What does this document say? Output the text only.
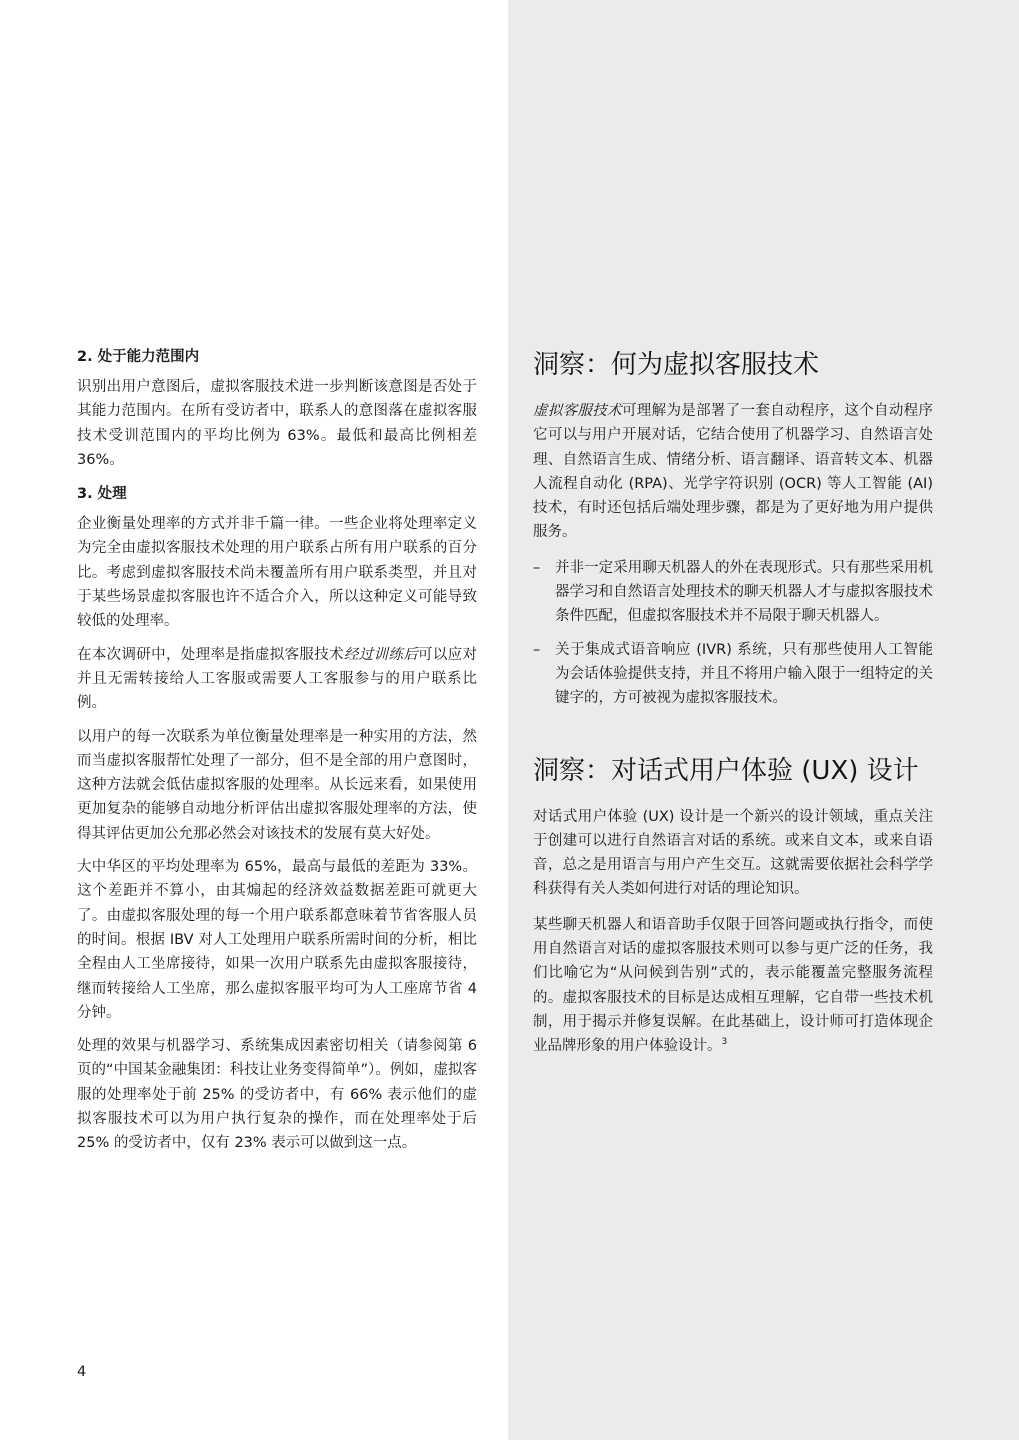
2. 处于能力范围内

识别出用户意图后，虚拟客服技术进一步判断该意图是否处于其能力范围内。在所有受访者中，联系人的意图落在虚拟客服技术受训范围内的平均比例为 63%。最低和最高比例相差 36%。

3. 处理

企业衡量处理率的方式并非千篇一律。一些企业将处理率定义为完全由虚拟客服技术处理的用户联系占所有用户联系的百分比。考虑到虚拟客服技术尚未覆盖所有用户联系类型，并且对于某些场景虚拟客服也许不适合介入，所以这种定义可能导致较低的处理率。

在本次调研中，处理率是指虚拟客服技术经过训练后可以应对并且无需转接给人工客服或需要人工客服参与的用户联系比例。

以用户的每一次联系为单位衡量处理率是一种实用的方法，然而当虚拟客服帮忙处理了一部分，但不是全部的用户意图时，这种方法就会低估虚拟客服的处理率。从长远来看，如果使用更加复杂的能够自动地分析评估出虚拟客服处理率的方法，使得其评估更加公允那必然会对该技术的发展有莫大好处。

大中华区的平均处理率为 65%，最高与最低的差距为 33%。这个差距并不算小，由其煽起的经济效益数据差距可就更大了。由虚拟客服处理的每一个用户联系都意味着节省客服人员的时间。根据 IBV 对人工处理用户联系所需时间的分析，相比全程由人工坐席接待，如果一次用户联系先由虚拟客服接待，继而转接给人工坐席，那么虚拟客服平均可为人工座席节省 4 分钟。

处理的效果与机器学习、系统集成因素密切相关（请参阅第 6 页的“中国某金融集团：科技让业务变得简单”）。例如，虚拟客服的处理率处于前 25% 的受访者中，有 66% 表示他们的虚拟客服技术可以为用户执行复杂的操作，而在处理率处于后 25% 的受访者中，仅有 23% 表示可以做到这一点。

洞察：何为虚拟客服技术

虚拟客服技术可理解为是部署了一套自动程序，这个自动程序它可以与用户开展对话，它结合使用了机器学习、自然语言处理、自然语言生成、情绪分析、语言翻译、语音转文本、机器人流程自动化 (RPA)、光学字符识别 (OCR) 等人工智能 (AI) 技术，有时还包括后端处理步骤，都是为了更好地为用户提供服务。

–	并非一定采用聊天机器人的外在表现形式。只有那些采用机器学习和自然语言处理技术的聊天机器人才与虚拟客服技术条件匹配，但虚拟客服技术并不局限于聊天机器人。
–	关于集成式语音响应 (IVR) 系统，只有那些使用人工智能为会话体验提供支持，并且不将用户输入限于一组特定的关键字的，方可被视为虚拟客服技术。
洞察：对话式用户体验 (UX) 设计

对话式用户体验 (UX) 设计是一个新兴的设计领域，重点关注于创建可以进行自然语言对话的系统。或来自文本，或来自语音，总之是用语言与用户产生交互。这就需要依据社会科学学科获得有关人类如何进行对话的理论知识。

某些聊天机器人和语音助手仅限于回答问题或执行指令，而使用自然语言对话的虚拟客服技术则可以参与更广泛的任务，我们比喻它为“从问候到告别”式的，表示能覆盖完整服务流程的。虚拟客服技术的目标是达成相互理解，它自带一些技术机制，用于揭示并修复误解。在此基础上，设计师可打造体现企业品牌形象的用户体验设计。$^3$

4
